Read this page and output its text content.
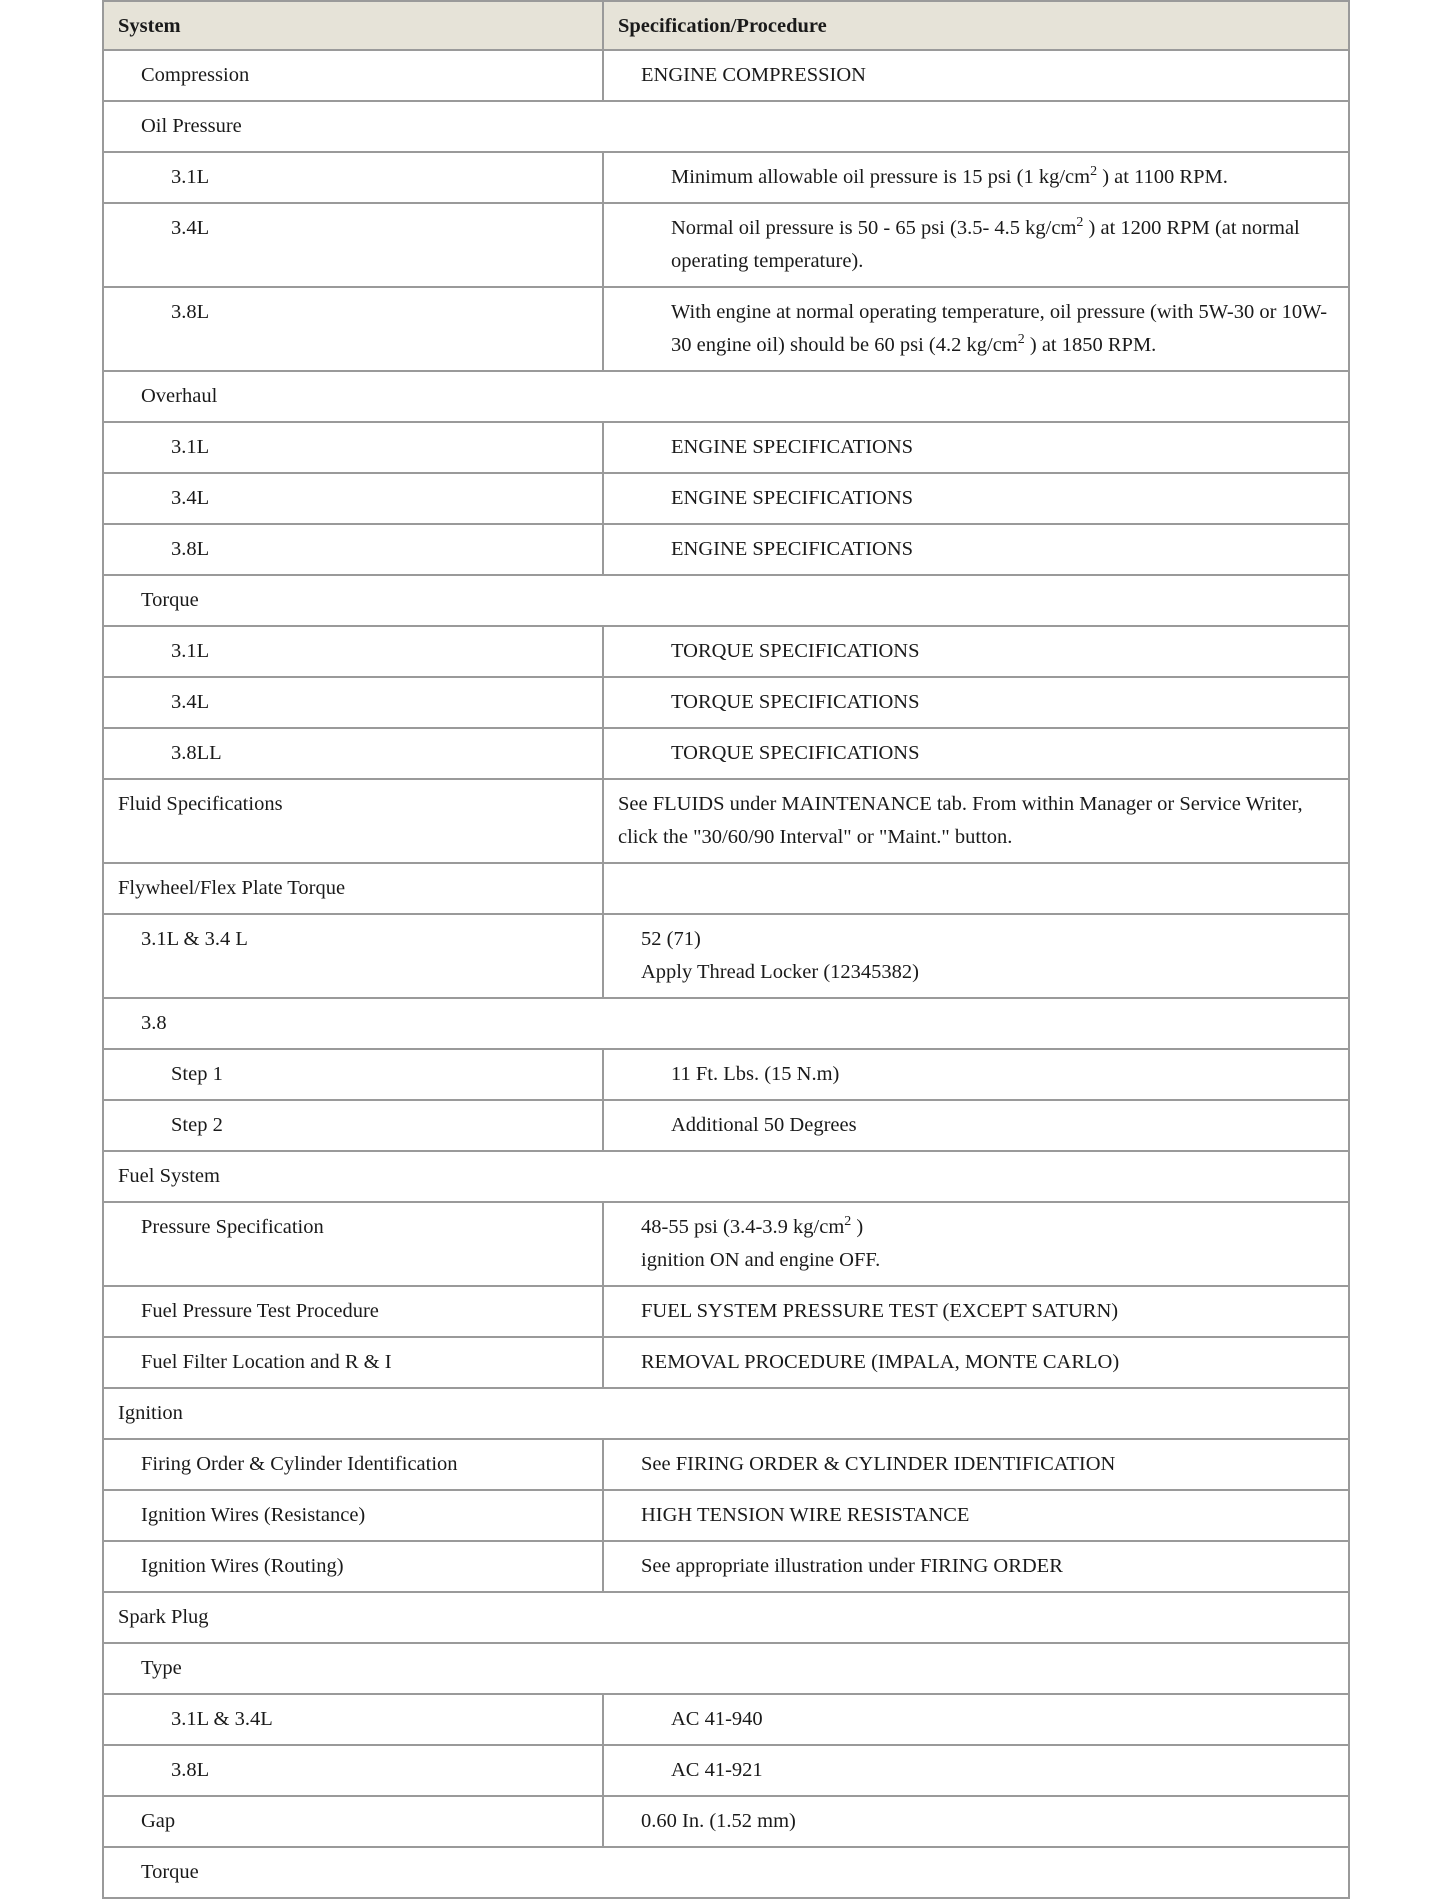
System	Specification/Procedure

Compression	ENGINE COMPRESSION

Oil Pressure	

3.1L	Minimum allowable oil pressure is 15 psi (1 $kg/cm^2$ ) at 1100 RPM.

3.4L	Normal oil pressure is 50 - 65 psi (3.5- 4.5 $kg/cm^2$ ) at 1200 RPM (at normal operating temperature).

3.8L	With engine at normal operating temperature, oil pressure (with 5W-30 or 10W-30 engine oil) should be 60 psi (4.2 $kg/cm^2$ ) at 1850 RPM.

Overhaul	

3.1L	ENGINE SPECIFICATIONS

3.4L	ENGINE SPECIFICATIONS

3.8L	ENGINE SPECIFICATIONS

Torque	

3.1L	TORQUE SPECIFICATIONS

3.4L	TORQUE SPECIFICATIONS

3.8LL	TORQUE SPECIFICATIONS

Fluid Specifications	See FLUIDS under MAINTENANCE tab. From within Manager or Service Writer, click the "30/60/90 Interval" or "Maint." button.

Flywheel/Flex Plate Torque	

3.1L & 3.4 L	52 (71)
Apply Thread Locker (12345382)

3.8	

Step 1	11 Ft. Lbs. (15 N.m)

Step 2	Additional 50 Degrees

Fuel System	

Pressure Specification	48-55 psi (3.4-3.9 $kg/cm^2$ )
ignition ON and engine OFF.

Fuel Pressure Test Procedure	FUEL SYSTEM PRESSURE TEST (EXCEPT SATURN)

Fuel Filter Location and R & I	REMOVAL PROCEDURE (IMPALA, MONTE CARLO)

Ignition	

Firing Order & Cylinder Identification	See FIRING ORDER & CYLINDER IDENTIFICATION

Ignition Wires (Resistance)	HIGH TENSION WIRE RESISTANCE

Ignition Wires (Routing)	See appropriate illustration under FIRING ORDER

Spark Plug	

Type	

3.1L & 3.4L	AC 41-940

3.8L	AC 41-921

Gap	0.60 In. (1.52 mm)

Torque	
